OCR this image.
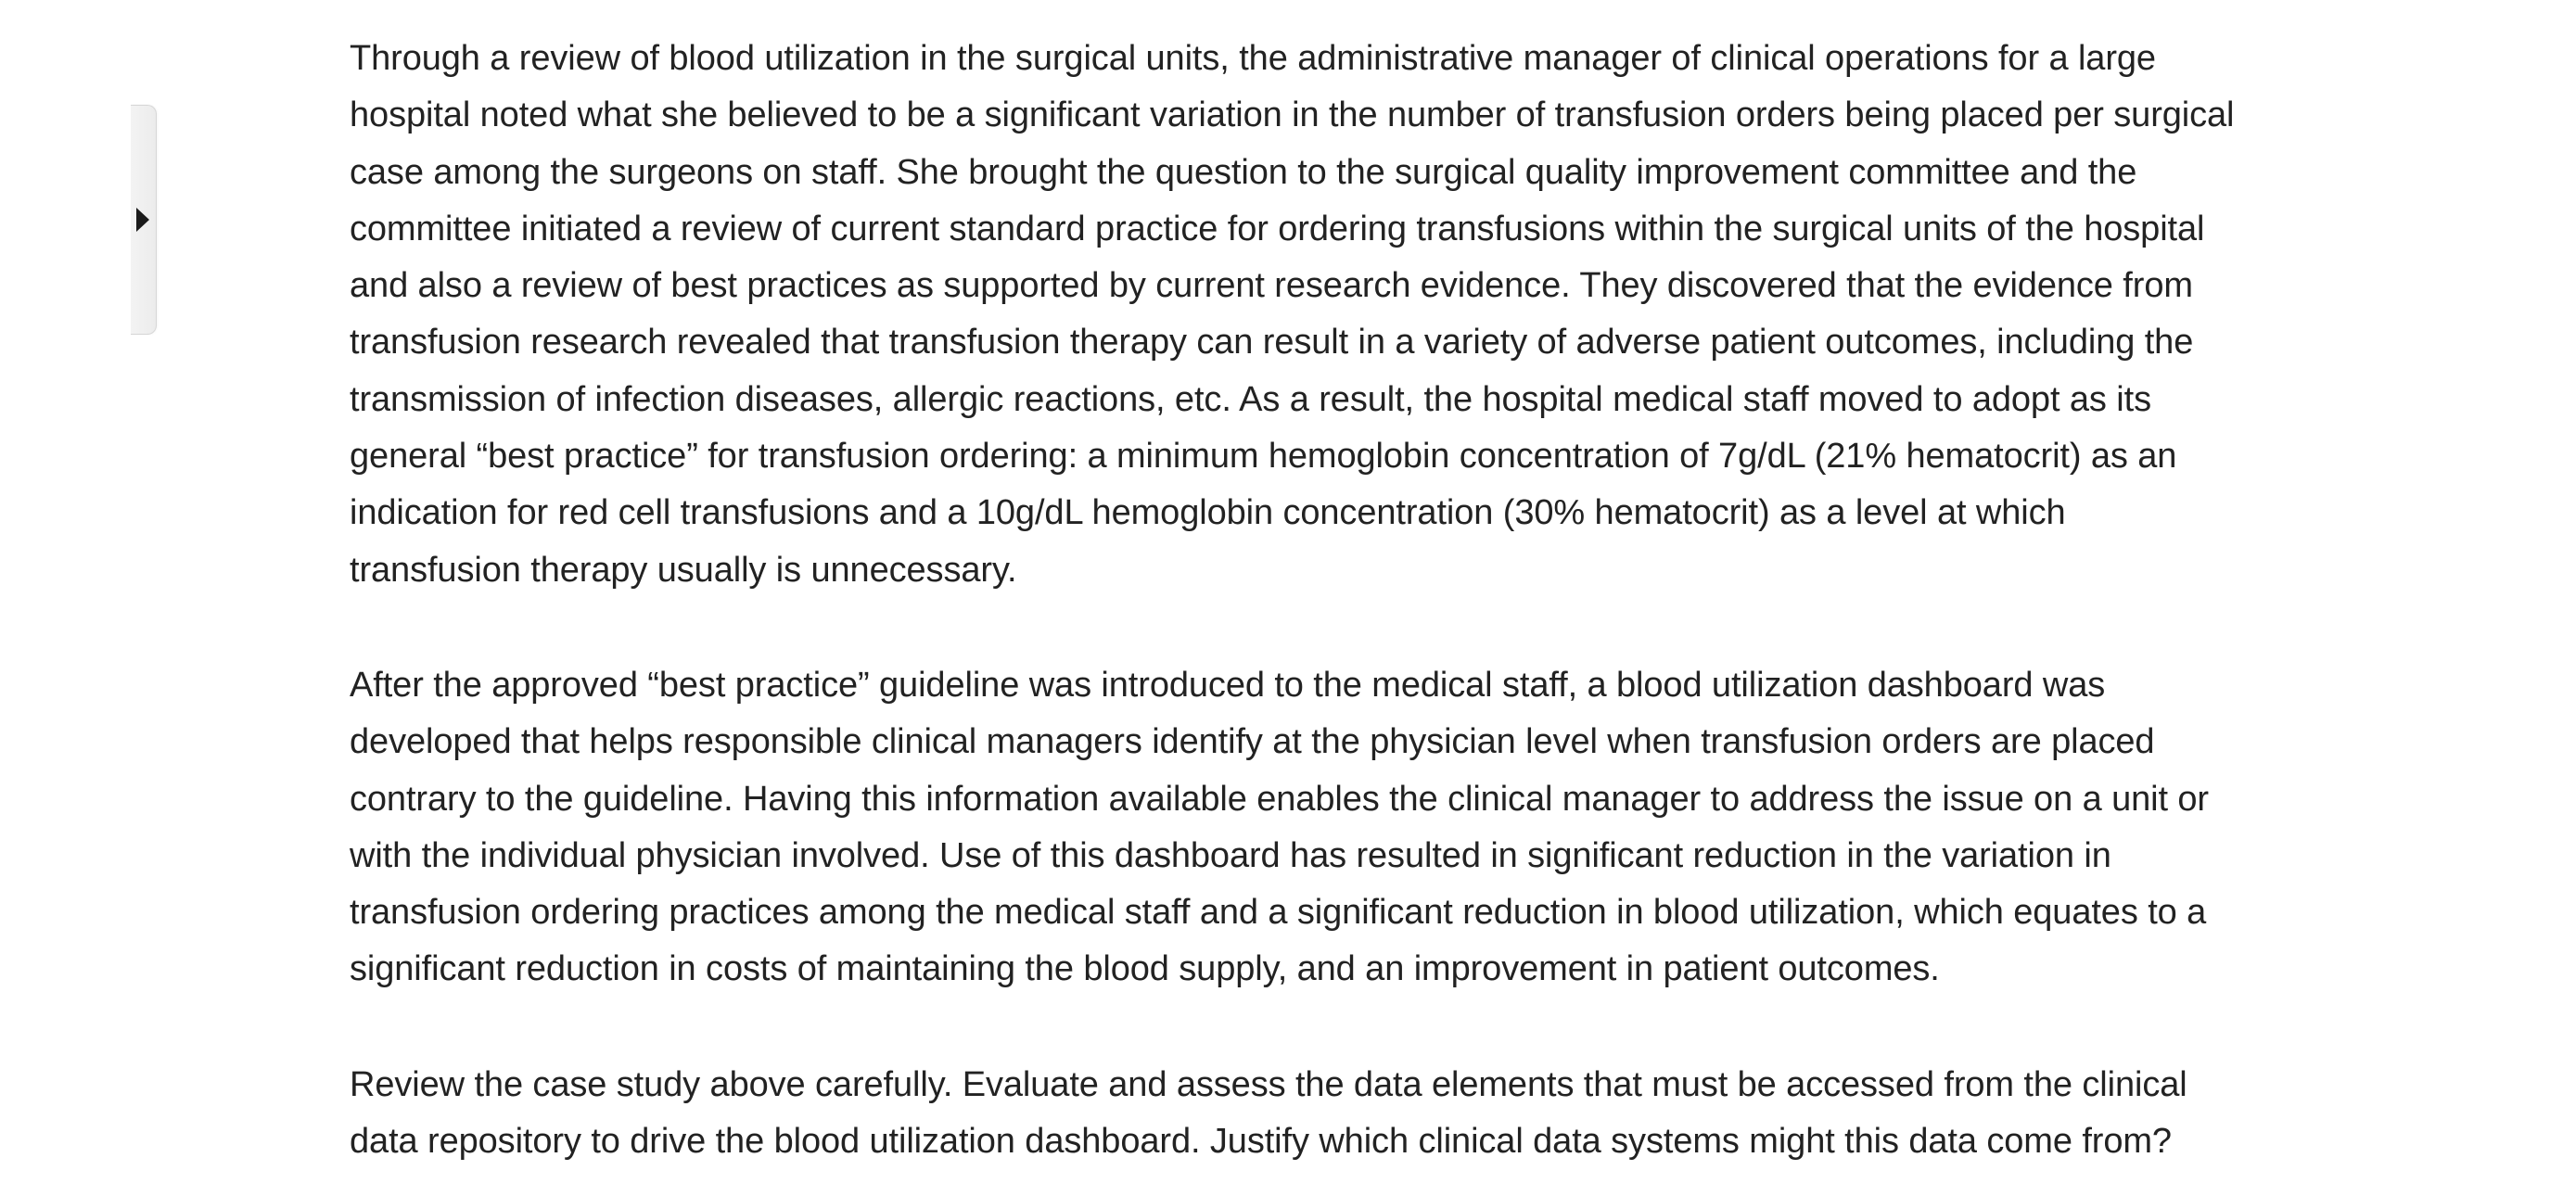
Through a review of blood utilization in the surgical units, the administrative manager of clinical operations for a large hospital noted what she believed to be a significant variation in the number of transfusion orders being placed per surgical case among the surgeons on staff. She brought the question to the surgical quality improvement committee and the committee initiated a review of current standard practice for ordering transfusions within the surgical units of the hospital and also a review of best practices as supported by current research evidence. They discovered that the evidence from transfusion research revealed that transfusion therapy can result in a variety of adverse patient outcomes, including the transmission of infection diseases, allergic reactions, etc. As a result, the hospital medical staff moved to adopt as its general “best practice” for transfusion ordering: a minimum hemoglobin concentration of 7g/dL (21% hematocrit) as an indication for red cell transfusions and a 10g/dL hemoglobin concentration (30% hematocrit) as a level at which transfusion therapy usually is unnecessary.

After the approved “best practice” guideline was introduced to the medical staff, a blood utilization dashboard was developed that helps responsible clinical managers identify at the physician level when transfusion orders are placed contrary to the guideline. Having this information available enables the clinical manager to address the issue on a unit or with the individual physician involved. Use of this dashboard has resulted in significant reduction in the variation in transfusion ordering practices among the medical staff and a significant reduction in blood utilization, which equates to a significant reduction in costs of maintaining the blood supply, and an improvement in patient outcomes.

Review the case study above carefully. Evaluate and assess the data elements that must be accessed from the clinical data repository to drive the blood utilization dashboard. Justify which clinical data systems might this data come from?
